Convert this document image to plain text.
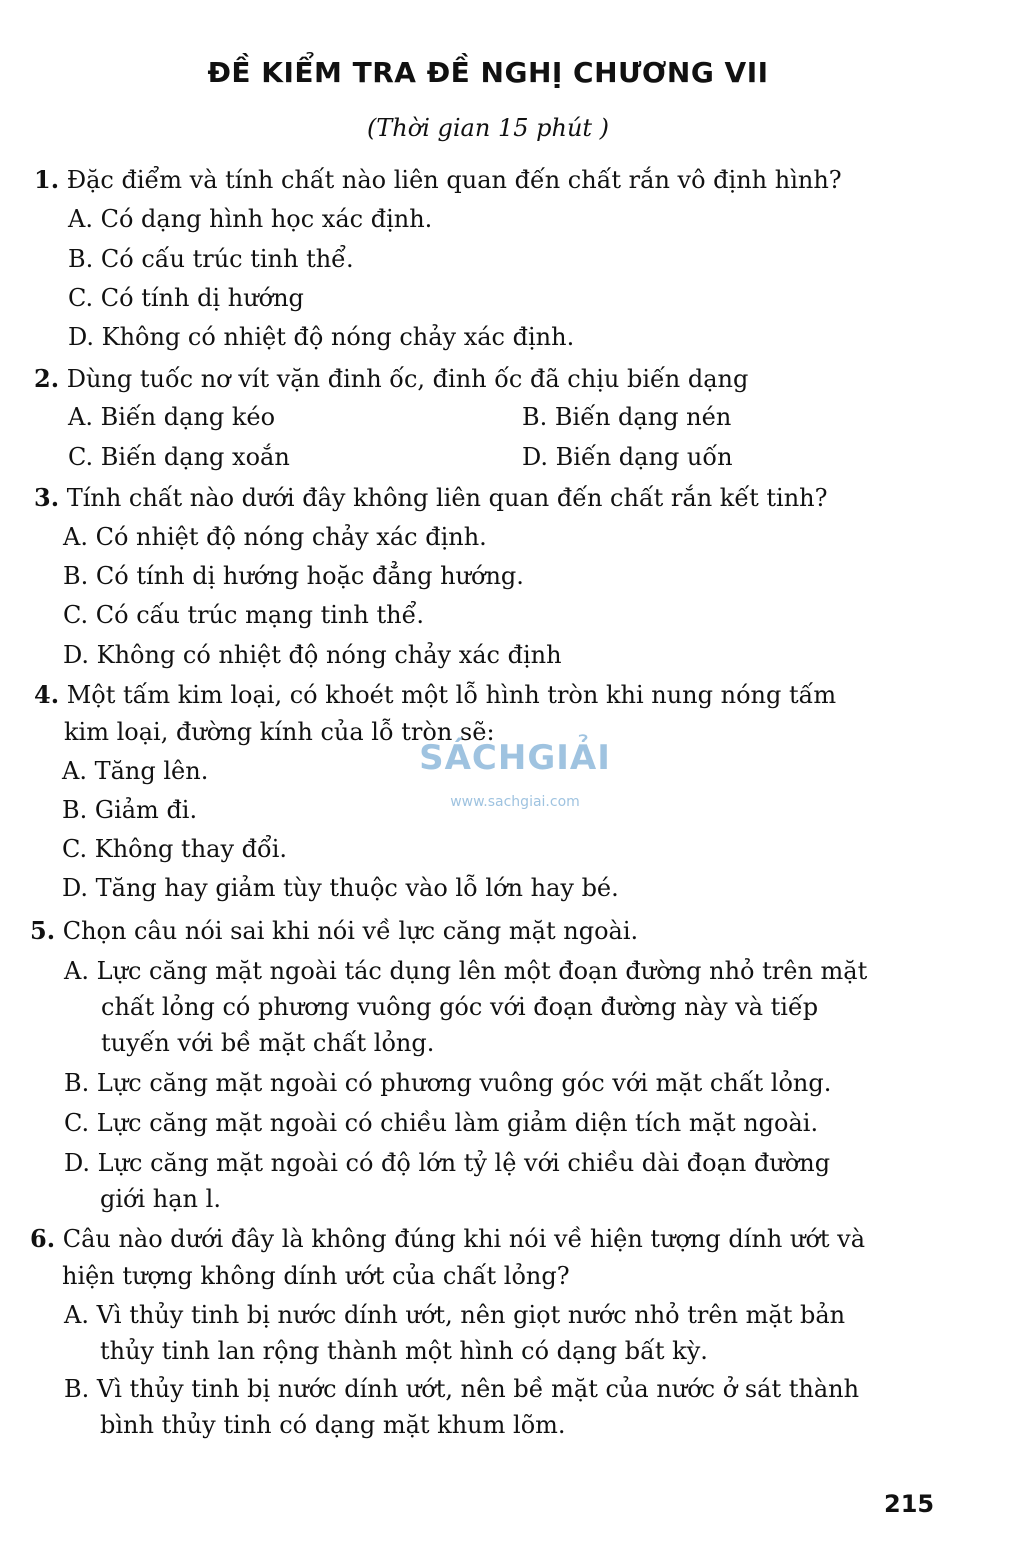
ĐỀ KIỂM TRA ĐỀ NGHỊ CHƯƠNG VII
(Thời gian 15 phút )
1. Đặc điểm và tính chất nào liên quan đến chất rắn vô định hình?
A. Có dạng hình học xác định.
B. Có cấu trúc tinh thể.
C. Có tính dị hướng
D. Không có nhiệt độ nóng chảy xác định.
2. Dùng tuốc nơ vít vặn đinh ốc, đinh ốc đã chịu biến dạng
A. Biến dạng kéo	B. Biến dạng nén
C. Biến dạng xoắn	D. Biến dạng uốn
3. Tính chất nào dưới đây không liên quan đến chất rắn kết tinh?
A. Có nhiệt độ nóng chảy xác định.
B. Có tính dị hướng hoặc đẳng hướng.
C. Có cấu trúc mạng tinh thể.
D. Không có nhiệt độ nóng chảy xác định
4. Một tấm kim loại, có khoét một lỗ hình tròn khi nung nóng tấm
kim loại, đường kính của lỗ tròn sẽ:
A. Tăng lên.
B. Giảm đi.
C. Không thay đổi.
D. Tăng hay giảm tùy thuộc vào lỗ lớn hay bé.
5. Chọn câu nói sai khi nói về lực căng mặt ngoài.
A. Lực căng mặt ngoài tác dụng lên một đoạn đường nhỏ trên mặt
chất lỏng có phương vuông góc với đoạn đường này và tiếp
tuyến với bề mặt chất lỏng.
B. Lực căng mặt ngoài có phương vuông góc với mặt chất lỏng.
C. Lực căng mặt ngoài có chiều làm giảm diện tích mặt ngoài.
D. Lực căng mặt ngoài có độ lớn tỷ lệ với chiều dài đoạn đường
giới hạn l.
6. Câu nào dưới đây là không đúng khi nói về hiện tượng dính ướt và
hiện tượng không dính ướt của chất lỏng?
A. Vì thủy tinh bị nước dính ướt, nên giọt nước nhỏ trên mặt bản
thủy tinh lan rộng thành một hình có dạng bất kỳ.
B. Vì thủy tinh bị nước dính ướt, nên bề mặt của nước ở sát thành
bình thủy tinh có dạng mặt khum lõm.
SÁCHGIẢI
www.sachgiai.com
215
